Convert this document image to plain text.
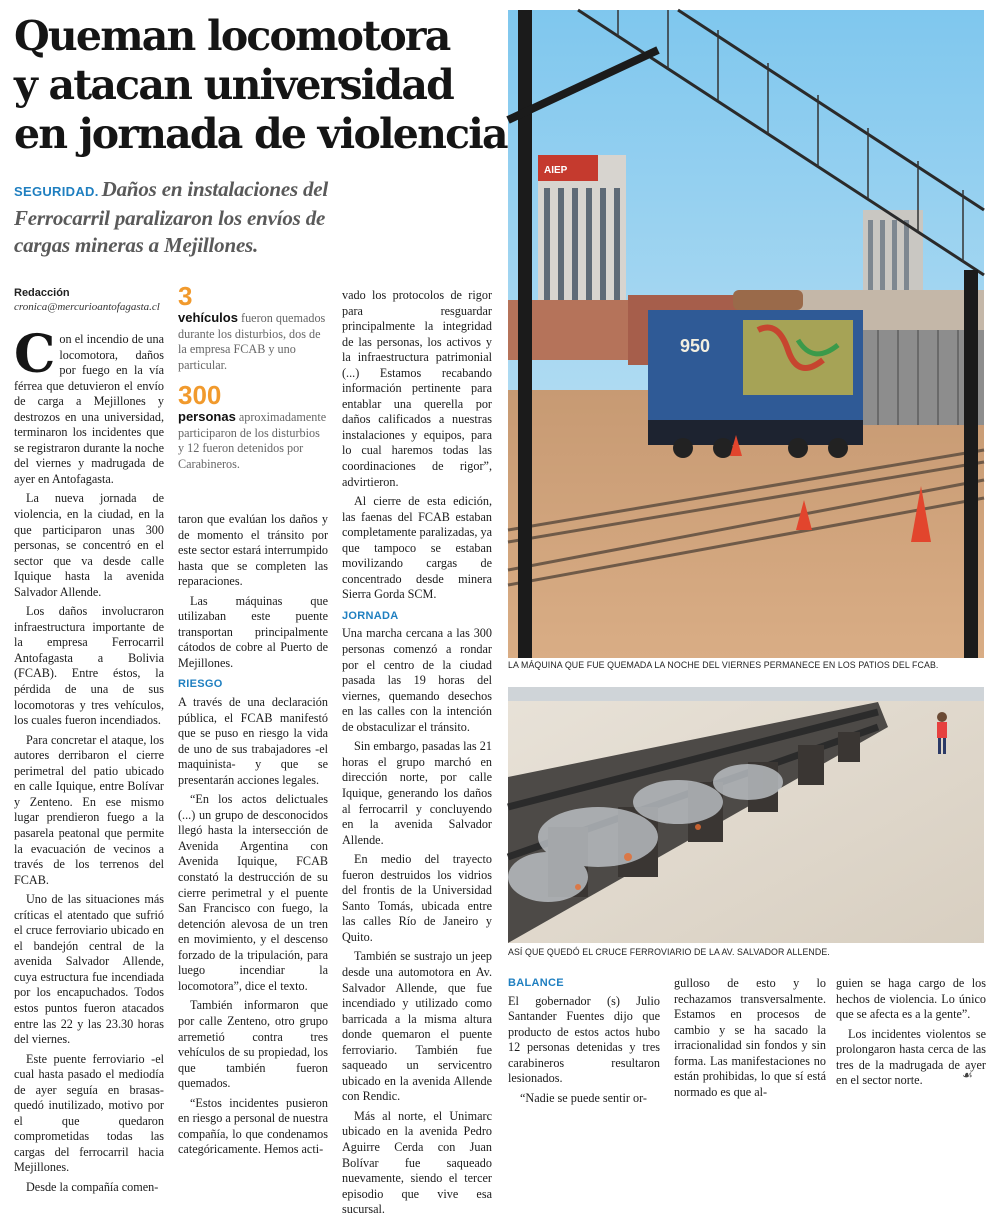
Queman locomotora
y atacan universidad
en jornada de violencia
SEGURIDAD. Daños en instalaciones del
Ferrocarril paralizaron los envíos de
cargas mineras a Mejillones.
Redacción
cronica@mercurioantofagasta.cl

Con el incendio de una locomotora, daños por fuego en la vía férrea que detuvieron el envío de carga a Mejillones y destrozos en una universidad, terminaron los incidentes que se registraron durante la noche del viernes y madrugada de ayer en Antofagasta.

La nueva jornada de violencia, en la ciudad, en la que participaron unas 300 personas, se concentró en el sector que va desde calle Iquique hasta la avenida Salvador Allende.

Los daños involucraron infraestructura importante de la empresa Ferrocarril Antofagasta a Bolivia (FCAB). Entre éstos, la pérdida de una de sus locomotoras y tres vehículos, los cuales fueron incendiados.

Para concretar el ataque, los autores derribaron el cierre perimetral del patio ubicado en calle Iquique, entre Bolívar y Zenteno. En ese mismo lugar prendieron fuego a la pasarela peatonal que permite la evacuación de vecinos a través de los terrenos del FCAB.

Uno de las situaciones más críticas el atentado que sufrió el cruce ferroviario ubicado en el bandejón central de la avenida Salvador Allende, cuya estructura fue incendiada por los encapuchados. Todos estos puntos fueron atacados entre las 22 y las 23.30 horas del viernes.

Este puente ferroviario -el cual hasta pasado el mediodía de ayer seguía en brasas- quedó inutilizado, motivo por el que quedaron comprometidas todas las cargas del ferrocarril hacia Mejillones.

Desde la compañía comen-

3
vehículos fueron quemados durante los disturbios, dos de la empresa FCAB y uno particular.
300
personas aproximadamente participaron de los disturbios y 12 fueron detenidos por Carabineros.

taron que evalúan los daños y de momento el tránsito por este sector estará interrumpido hasta que se completen las reparaciones.

Las máquinas que utilizaban este puente transportan principalmente cátodos de cobre al Puerto de Mejillones.

RIESGO

A través de una declaración pública, el FCAB manifestó que se puso en riesgo la vida de uno de sus trabajadores -el maquinista- y que se presentarán acciones legales.

“En los actos delictuales (...) un grupo de desconocidos llegó hasta la intersección de Avenida Argentina con Avenida Iquique, FCAB constató la destrucción de su cierre perimetral y el puente San Francisco con fuego, la detención alevosa de un tren en movimiento, y el descenso forzado de la tripulación, para luego incendiar la locomotora”, dice el texto.

También informaron que por calle Zenteno, otro grupo arremetió contra tres vehículos de su propiedad, los que también fueron quemados.

“Estos incidentes pusieron en riesgo a personal de nuestra compañía, lo que condenamos categóricamente. Hemos acti-

vado los protocolos de rigor para resguardar principalmente la integridad de las personas, los activos y la infraestructura patrimonial (...) Estamos recabando información pertinente para entablar una querella por daños calificados a nuestras instalaciones y equipos, para lo cual haremos todas las coordinaciones de rigor”, advirtieron.

Al cierre de esta edición, las faenas del FCAB estaban completamente paralizadas, ya que tampoco se estaban movilizando cargas de concentrado desde minera Sierra Gorda SCM.

JORNADA

Una marcha cercana a las 300 personas comenzó a rondar por el centro de la ciudad pasada las 19 horas del viernes, quemando desechos en las calles con la intención de obstaculizar el tránsito.

Sin embargo, pasadas las 21 horas el grupo marchó en dirección norte, por calle Iquique, generando los daños al ferrocarril y concluyendo en la avenida Salvador Allende.

En medio del trayecto fueron destruidos los vidrios del frontis de la Universidad Santo Tomás, ubicada entre las calles Río de Janeiro y Quito.

También se sustrajo un jeep desde una automotora en Av. Salvador Allende, que fue incendiado y utilizado como barricada a la misma altura donde quemaron el puente ferroviario. También fue saqueado un servicentro ubicado en la avenida Allende con Rendic.

Más al norte, el Unimarc ubicado en la avenida Pedro Aguirre Cerda con Juan Bolívar fue saqueado nuevamente, siendo el tercer episodio que vive esa sucursal.

AIEP
950
LA MÁQUINA QUE FUE QUEMADA LA NOCHE DEL VIERNES PERMANECE EN LOS PATIOS DEL FCAB.
ASÍ QUE QUEDÓ EL CRUCE FERROVIARIO DE LA AV. SALVADOR ALLENDE.
BALANCE

El gobernador (s) Julio Santander Fuentes dijo que producto de estos actos hubo 12 personas detenidas y tres carabineros resultaron lesionados.

“Nadie se puede sentir or-

gulloso de esto y lo rechazamos transversalmente. Estamos en procesos de cambio y se ha sacado la irracionalidad sin fondos y sin forma. Las manifestaciones no están prohibidas, lo que sí está normado es que al-

guien se haga cargo de los hechos de violencia. Lo único que se afecta es a la gente”.

Los incidentes violentos se prolongaron hasta cerca de las tres de la madrugada de ayer en el sector norte.	☙
